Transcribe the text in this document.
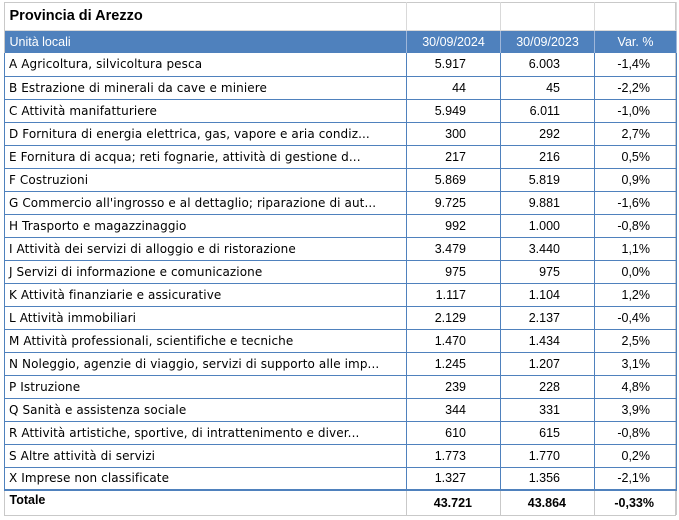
Provincia di Arezzo			
Unità locali	30/09/2024	30/09/2023	Var. %
A Agricoltura, silvicoltura pesca	5.917	6.003	-1,4%
B Estrazione di minerali da cave e miniere	44	45	-2,2%
C Attività manifatturiere	5.949	6.011	-1,0%
D Fornitura di energia elettrica, gas, vapore e aria condiz...	300	292	2,7%
E Fornitura di acqua; reti fognarie, attività di gestione d...	217	216	0,5%
F Costruzioni	5.869	5.819	0,9%
G Commercio all'ingrosso e al dettaglio; riparazione di aut...	9.725	9.881	-1,6%
H Trasporto e magazzinaggio	992	1.000	-0,8%
I Attività dei servizi di alloggio e di ristorazione	3.479	3.440	1,1%
J Servizi di informazione e comunicazione	975	975	0,0%
K Attività finanziarie e assicurative	1.117	1.104	1,2%
L Attività immobiliari	2.129	2.137	-0,4%
M Attività professionali, scientifiche e tecniche	1.470	1.434	2,5%
N Noleggio, agenzie di viaggio, servizi di supporto alle imp...	1.245	1.207	3,1%
P Istruzione	239	228	4,8%
Q Sanità e assistenza sociale	344	331	3,9%
R Attività artistiche, sportive, di intrattenimento e diver...	610	615	-0,8%
S Altre attività di servizi	1.773	1.770	0,2%
X Imprese non classificate	1.327	1.356	-2,1%
Totale	43.721	43.864	-0,33%
